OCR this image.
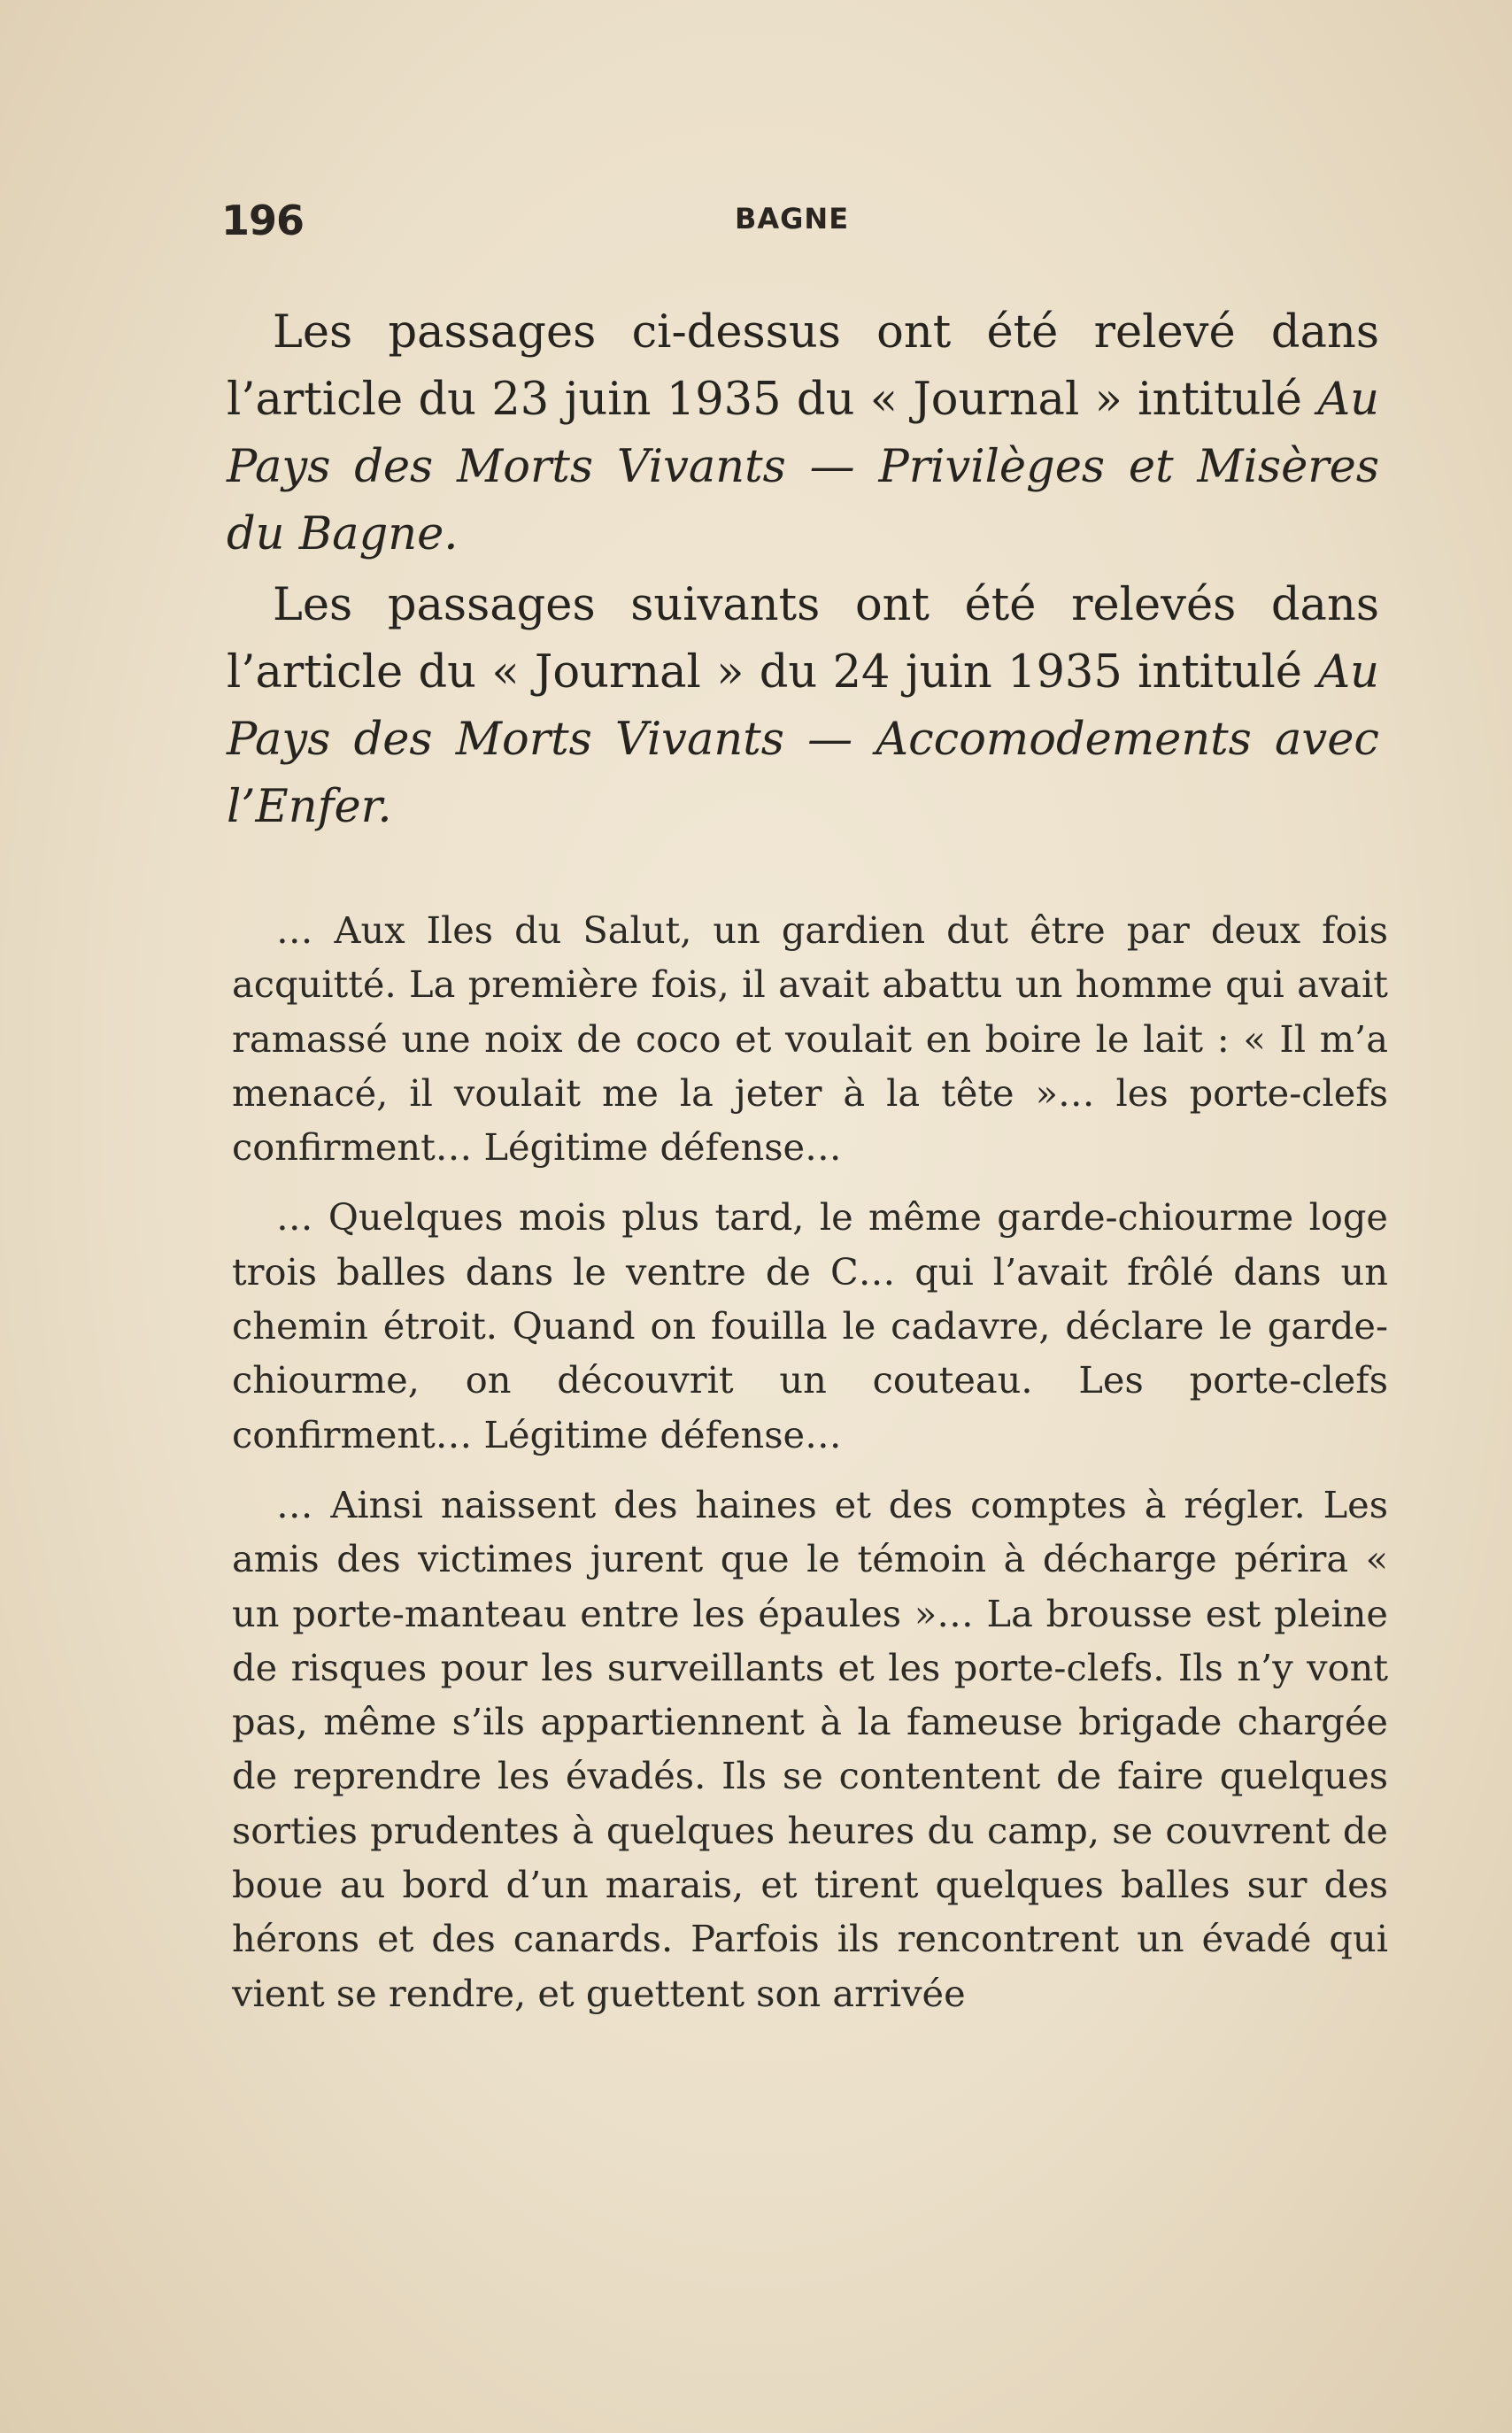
196	BAGNE

Les passages ci-dessus ont été relevé dans l’article du 23 juin 1935 du « Journal » intitulé Au Pays des Morts Vivants — Privilèges et Misères du Bagne.

Les passages suivants ont été relevés dans l’article du « Journal » du 24 juin 1935 intitulé Au Pays des Morts Vivants — Accomodements avec l’Enfer.

… Aux Iles du Salut, un gardien dut être par deux fois acquitté. La première fois, il avait abattu un homme qui avait ramassé une noix de coco et voulait en boire le lait : « Il m’a menacé, il voulait me la jeter à la tête »… les porte-clefs confirment… Légitime défense…

… Quelques mois plus tard, le même garde-chiourme loge trois balles dans le ventre de C… qui l’avait frôlé dans un chemin étroit. Quand on fouilla le cadavre, déclare le garde-chiourme, on découvrit un couteau. Les porte-clefs confirment… Légitime défense…

… Ainsi naissent des haines et des comptes à régler. Les amis des victimes jurent que le témoin à décharge périra « un porte-manteau entre les épaules »… La brousse est pleine de risques pour les surveillants et les porte-clefs. Ils n’y vont pas, même s’ils appartiennent à la fameuse brigade chargée de reprendre les évadés. Ils se contentent de faire quelques sorties prudentes à quelques heures du camp, se couvrent de boue au bord d’un marais, et tirent quelques balles sur des hérons et des canards. Parfois ils rencontrent un évadé qui vient se rendre, et guettent son arrivée
